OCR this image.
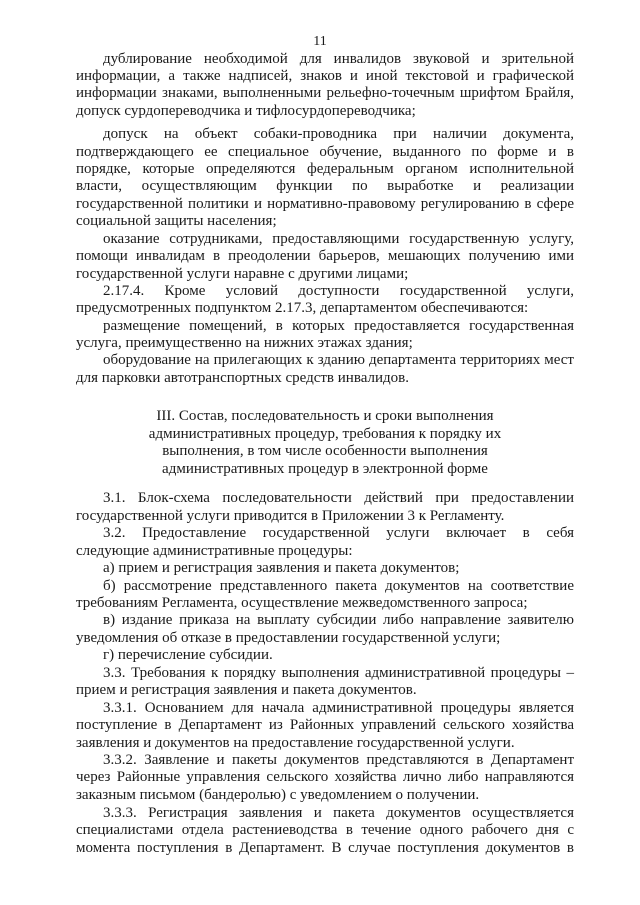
11
дублирование необходимой для инвалидов звуковой и зрительной
информации, а также надписей, знаков и иной текстовой и графической
информации знаками, выполненными рельефно-точечным шрифтом Брайля,
допуск сурдопереводчика и тифлосурдопереводчика;
допуск на объект собаки-проводника при наличии документа,
подтверждающего ее специальное обучение, выданного по форме и в
порядке, которые определяются федеральным органом исполнительной
власти, осуществляющим функции по выработке и реализации
государственной политики и нормативно-правовому регулированию в сфере
социальной защиты населения;
оказание сотрудниками, предоставляющими государственную услугу,
помощи инвалидам в преодолении барьеров, мешающих получению ими
государственной услуги наравне с другими лицами;
2.17.4. Кроме условий доступности государственной услуги,
предусмотренных подпунктом 2.17.3, департаментом обеспечиваются:
размещение помещений, в которых предоставляется государственная
услуга, преимущественно на нижних этажах здания;
оборудование на прилегающих к зданию департамента территориях мест
для парковки автотранспортных средств инвалидов.
III. Состав, последовательность и сроки выполнения
административных процедур, требования к порядку их
выполнения, в том числе особенности выполнения
административных процедур в электронной форме
3.1. Блок-схема последовательности действий при предоставлении
государственной услуги приводится в Приложении 3 к Регламенту.
3.2. Предоставление государственной услуги включает в себя
следующие административные процедуры:
а) прием и регистрация заявления и пакета документов;
б) рассмотрение представленного пакета документов на соответствие
требованиям Регламента, осуществление межведомственного запроса;
в) издание приказа на выплату субсидии либо направление заявителю
уведомления об отказе в предоставлении государственной услуги;
г) перечисление субсидии.
3.3. Требования к порядку выполнения административной процедуры –
прием и регистрация заявления и пакета документов.
3.3.1. Основанием для начала административной процедуры является
поступление в Департамент из Районных управлений сельского хозяйства
заявления и документов на предоставление государственной услуги.
3.3.2. Заявление и пакеты документов представляются в Департамент
через Районные управления сельского хозяйства лично либо направляются
заказным письмом (бандеролью) с уведомлением о получении.
3.3.3. Регистрация заявления и пакета документов осуществляется
специалистами отдела растениеводства в течение одного рабочего дня с
момента поступления в Департамент. В случае поступления документов в
